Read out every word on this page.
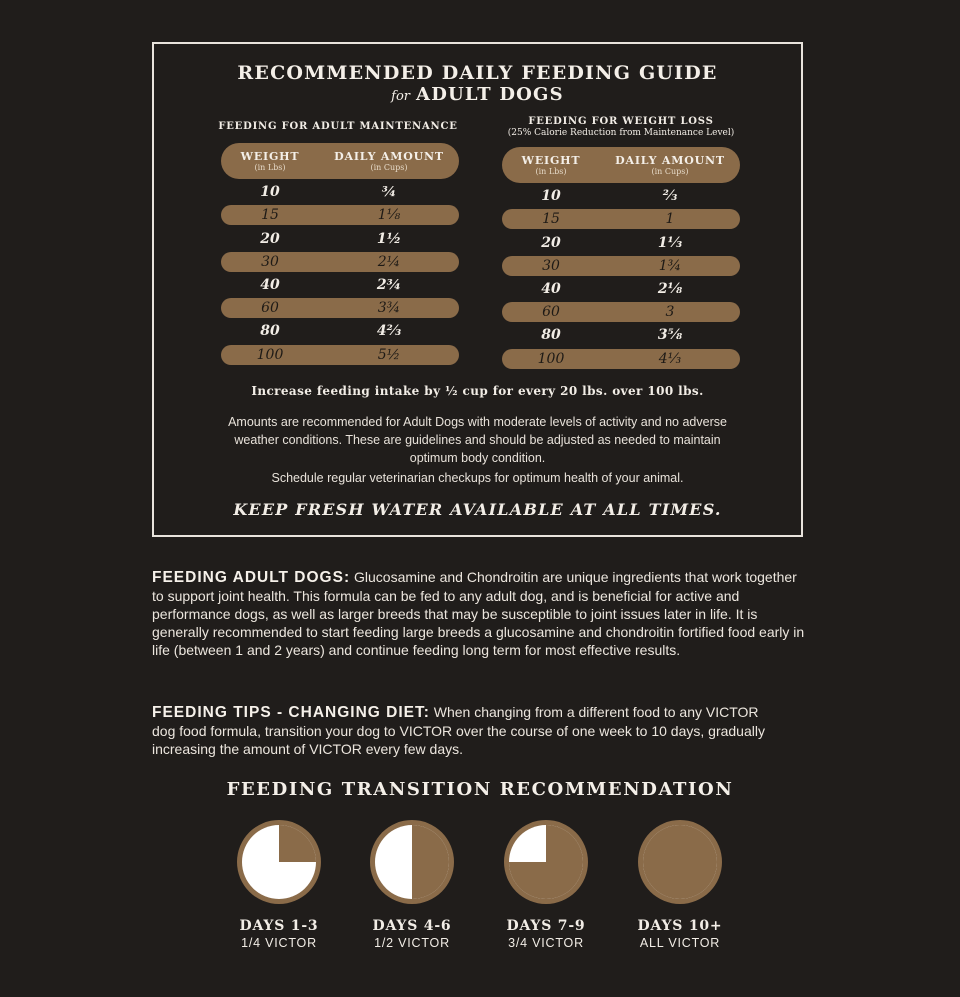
RECOMMENDED DAILY FEEDING GUIDE
for ADULT DOGS
FEEDING FOR ADULT MAINTENANCE
WEIGHT
(in Lbs)
DAILY AMOUNT
(in Cups)
10	¾
15	1⅛
20	1½
30	2¼
40	2¾
60	3¾
80	4⅔
100	5½
FEEDING FOR WEIGHT LOSS
(25% Calorie Reduction from Maintenance Level)
WEIGHT
(in Lbs)
DAILY AMOUNT
(in Cups)
10	⅔
15	1
20	1⅓
30	1¾
40	2⅛
60	3
80	3⅝
100	4⅓
Increase feeding intake by ½ cup for every 20 lbs. over 100 lbs.
Amounts are recommended for Adult Dogs with moderate levels of activity and no adverse weather conditions. These are guidelines and should be adjusted as needed to maintain optimum body condition.
Schedule regular veterinarian checkups for optimum health of your animal.
KEEP FRESH WATER AVAILABLE AT ALL TIMES.
FEEDING ADULT DOGS: Glucosamine and Chondroitin are unique ingredients that work together to support joint health. This formula can be fed to any adult dog, and is beneficial for active and performance dogs, as well as larger breeds that may be susceptible to joint issues later in life. It is generally recommended to start feeding large breeds a glucosamine and chondroitin fortified food early in life (between 1 and 2 years) and continue feeding long term for most effective results.
FEEDING TIPS - CHANGING DIET: When changing from a different food to any VICTOR dog food formula, transition your dog to VICTOR over the course of one week to 10 days, gradually increasing the amount of VICTOR every few days.
FEEDING TRANSITION RECOMMENDATION
DAYS 1-3
1/4 VICTOR
DAYS 4-6
1/2 VICTOR
DAYS 7-9
3/4 VICTOR
DAYS 10+
ALL VICTOR
